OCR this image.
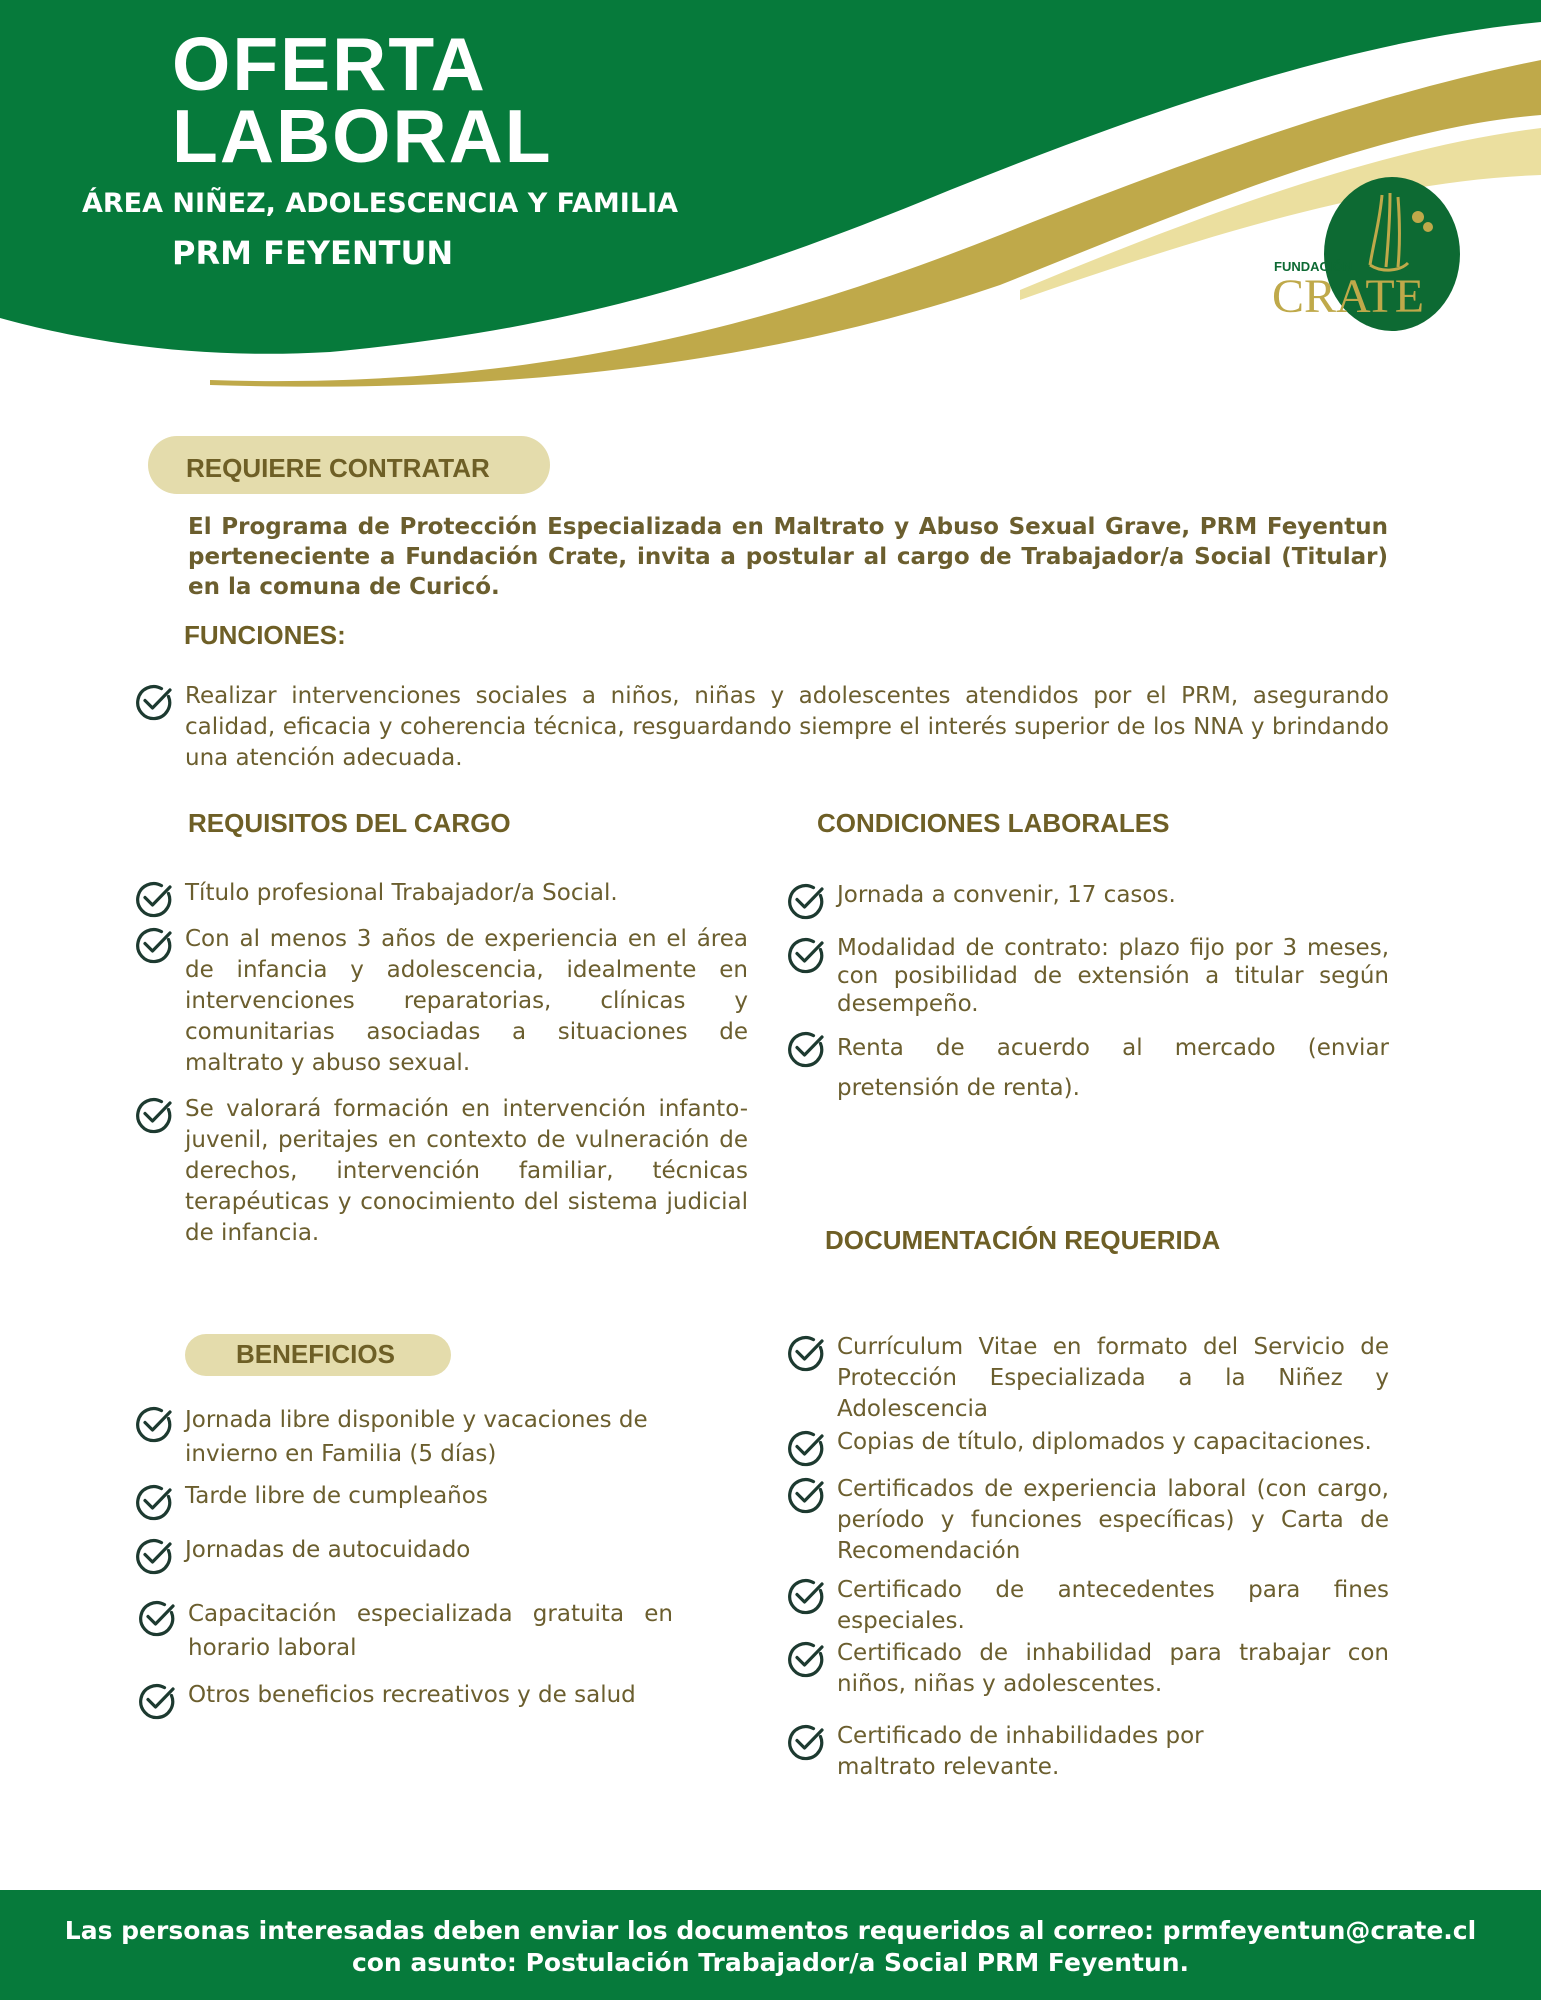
OFERTA
LABORAL

ÁREA NIÑEZ, ADOLESCENCIA Y FAMILIA

PRM FEYENTUN	FUNDACIÓN
CRATE
REQUIERE CONTRATAR

El Programa de Protección Especializada en Maltrato y Abuso Sexual Grave, PRM Feyentun perteneciente a Fundación Crate, invita a postular al cargo de Trabajador/a Social (Titular) en la comuna de Curicó.

FUNCIONES:

Realizar intervenciones sociales a niños, niñas y adolescentes atendidos por el PRM, asegurando calidad, eficacia y coherencia técnica, resguardando siempre el interés superior de los NNA y brindando una atención adecuada.

REQUISITOS DEL CARGO

Título profesional Trabajador/a Social.
Con al menos 3 años de experiencia en el área de infancia y adolescencia, idealmente en intervenciones reparatorias, clínicas y comunitarias asociadas a situaciones de maltrato y abuso sexual.
Se valorará formación en intervención infanto-juvenil, peritajes en contexto de vulneración de derechos, intervención familiar, técnicas terapéuticas y conocimiento del sistema judicial de infancia.

CONDICIONES LABORALES

Jornada a convenir, 17 casos.
Modalidad de contrato: plazo fijo por 3 meses, con posibilidad de extensión a titular según desempeño.
Renta de acuerdo al mercado (enviar pretensión de renta).

DOCUMENTACIÓN REQUERIDA

Currículum Vitae en formato del Servicio de Protección Especializada a la Niñez y Adolescencia
Copias de título, diplomados y capacitaciones.
Certificados de experiencia laboral (con cargo, período y funciones específicas) y Carta de Recomendación
Certificado de antecedentes para fines especiales.
Certificado de inhabilidad para trabajar con niños, niñas y adolescentes.
Certificado de inhabilidades por maltrato relevante.
BENEFICIOS
Jornada libre disponible y vacaciones de invierno en Familia (5 días)
Tarde libre de cumpleaños
Jornadas de autocuidado
Capacitación especializada gratuita en horario laboral
Otros beneficios recreativos y de salud

Las personas interesadas deben enviar los documentos requeridos al correo: prmfeyentun@crate.cl

con asunto: Postulación Trabajador/a Social PRM Feyentun.
